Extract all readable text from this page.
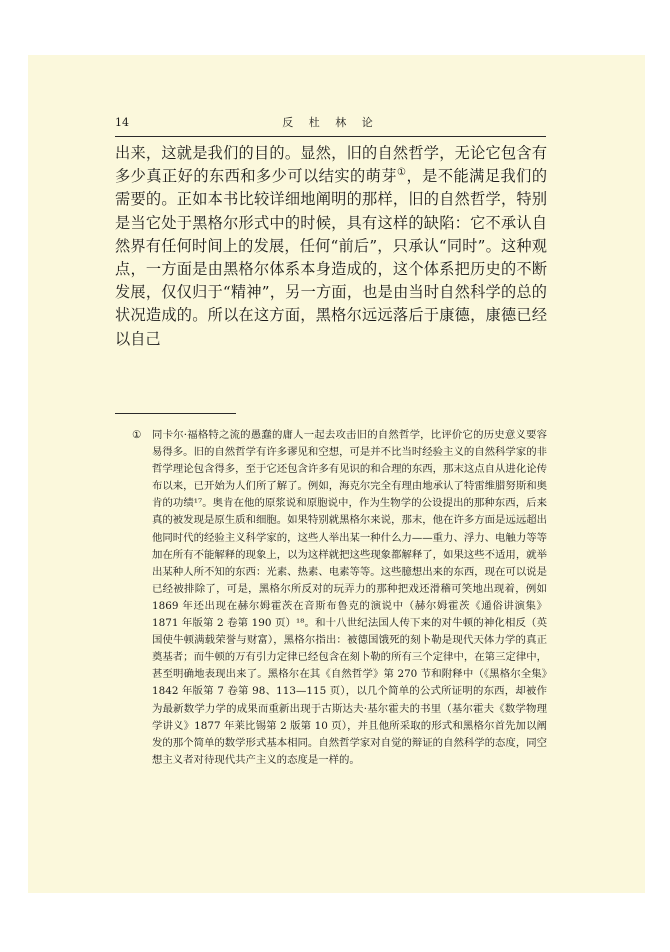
14	反 杜 林 论

出来，这就是我们的目的。显然，旧的自然哲学，无论它包含有多少真正好的东西和多少可以结实的萌芽①，是不能满足我们的需要的。正如本书比较详细地阐明的那样，旧的自然哲学，特别是当它处于黑格尔形式中的时候，具有这样的缺陷：它不承认自然界有任何时间上的发展，任何“前后”，只承认“同时”。这种观点，一方面是由黑格尔体系本身造成的，这个体系把历史的不断发展，仅仅归于“精神”，另一方面，也是由当时自然科学的总的状况造成的。所以在这方面，黑格尔远远落后于康德，康德已经以自己

① 同卡尔·福格特之流的愚蠢的庸人一起去攻击旧的自然哲学，比评价它的历史意义要容易得多。旧的自然哲学有许多谬见和空想，可是并不比当时经验主义的自然科学家的非哲学理论包含得多，至于它还包含许多有见识的和合理的东西，那末这点自从进化论传布以来，已开始为人们所了解了。例如，海克尔完全有理由地承认了特雷维腊努斯和奥肯的功绩¹⁷。奥肯在他的原浆说和原胞说中，作为生物学的公设提出的那种东西，后来真的被发现是原生质和细胞。如果特别就黑格尔来说，那末，他在许多方面是远远超出他同时代的经验主义科学家的，这些人举出某一种什么力——重力、浮力、电触力等等加在所有不能解释的现象上，以为这样就把这些现象都解释了，如果这些不适用，就举出某种人所不知的东西：光素、热素、电素等等。这些臆想出来的东西，现在可以说是已经被排除了，可是，黑格尔所反对的玩弄力的那种把戏还滑稽可笑地出现着，例如 1869 年还出现在赫尔姆霍茨在音斯布鲁克的演说中（赫尔姆霍茨《通俗讲演集》1871 年版第 2 卷第 190 页）¹⁸。和十八世纪法国人传下来的对牛顿的神化相反（英国使牛顿满载荣誉与财富），黑格尔指出：被德国饿死的刻卜勒是现代天体力学的真正奠基者；而牛顿的万有引力定律已经包含在刻卜勒的所有三个定律中，在第三定律中，甚至明确地表现出来了。黑格尔在其《自然哲学》第 270 节和附释中（《黑格尔全集》1842 年版第 7 卷第 98、113—115 页），以几个简单的公式所证明的东西，却被作为最新数学力学的成果而重新出现于古斯达夫·基尔霍夫的书里（基尔霍夫《数学物理学讲义》1877 年莱比锡第 2 版第 10 页），并且他所采取的形式和黑格尔首先加以阐发的那个简单的数学形式基本相同。自然哲学家对自觉的辩证的自然科学的态度，同空想主义者对待现代共产主义的态度是一样的。
